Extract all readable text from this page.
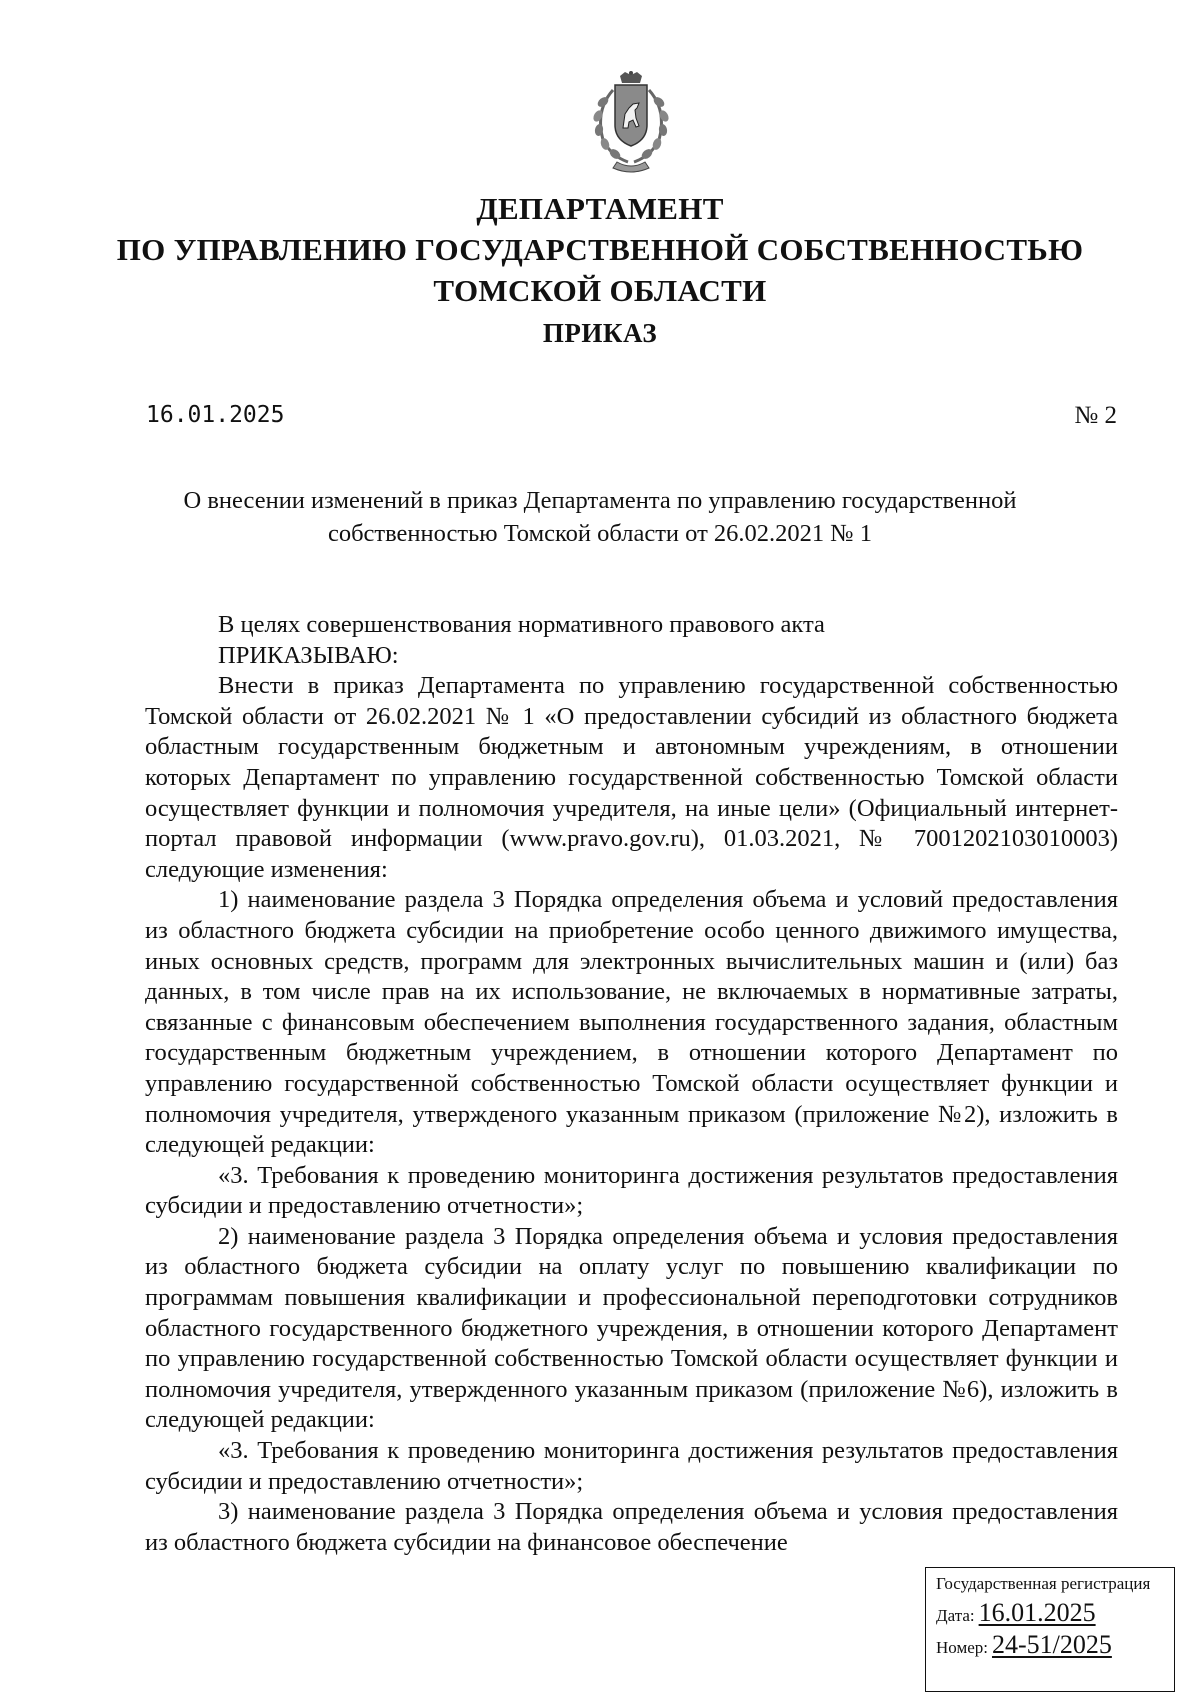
ДЕПАРТАМЕНТ
ПО УПРАВЛЕНИЮ ГОСУДАРСТВЕННОЙ СОБСТВЕННОСТЬЮ
ТОМСКОЙ ОБЛАСТИ
ПРИКАЗ
16.01.2025	№ 2
О внесении изменений в приказ Департамента по управлению государственной собственностью Томской области от 26.02.2021 № 1

В целях совершенствования нормативного правового акта

ПРИКАЗЫВАЮ:

Внести в приказ Департамента по управлению государственной собственностью Томской области от 26.02.2021 № 1 «О предоставлении субсидий из областного бюджета областным государственным бюджетным и автономным учреждениям, в отношении которых Департамент по управлению государственной собственностью Томской области осуществляет функции и полномочия учредителя, на иные цели» (Официальный интернет-портал правовой информации (www.pravo.gov.ru), 01.03.2021, № 7001202103010003) следующие изменения:

1) наименование раздела 3 Порядка определения объема и условий предоставления из областного бюджета субсидии на приобретение особо ценного движимого имущества, иных основных средств, программ для электронных вычислительных машин и (или) баз данных, в том числе прав на их использование, не включаемых в нормативные затраты, связанные с финансовым обеспечением выполнения государственного задания, областным государственным бюджетным учреждением, в отношении которого Департамент по управлению государственной собственностью Томской области осуществляет функции и полномочия учредителя, утвержденого указанным приказом (приложение №2), изложить в следующей редакции:

«3. Требования к проведению мониторинга достижения результатов предоставления субсидии и предоставлению отчетности»;

2) наименование раздела 3 Порядка определения объема и условия предоставления из областного бюджета субсидии на оплату услуг по повышению квалификации по программам повышения квалификации и профессиональной переподготовки сотрудников областного государственного бюджетного учреждения, в отношении которого Департамент по управлению государственной собственностью Томской области осуществляет функции и полномочия учредителя, утвержденного указанным приказом (приложение №6), изложить в следующей редакции:

«3. Требования к проведению мониторинга достижения результатов предоставления субсидии и предоставлению отчетности»;

3) наименование раздела 3 Порядка определения объема и условия предоставления из областного бюджета субсидии на финансовое обеспечение

Государственная регистрация
Дата: 16.01.2025
Номер: 24-51/2025
